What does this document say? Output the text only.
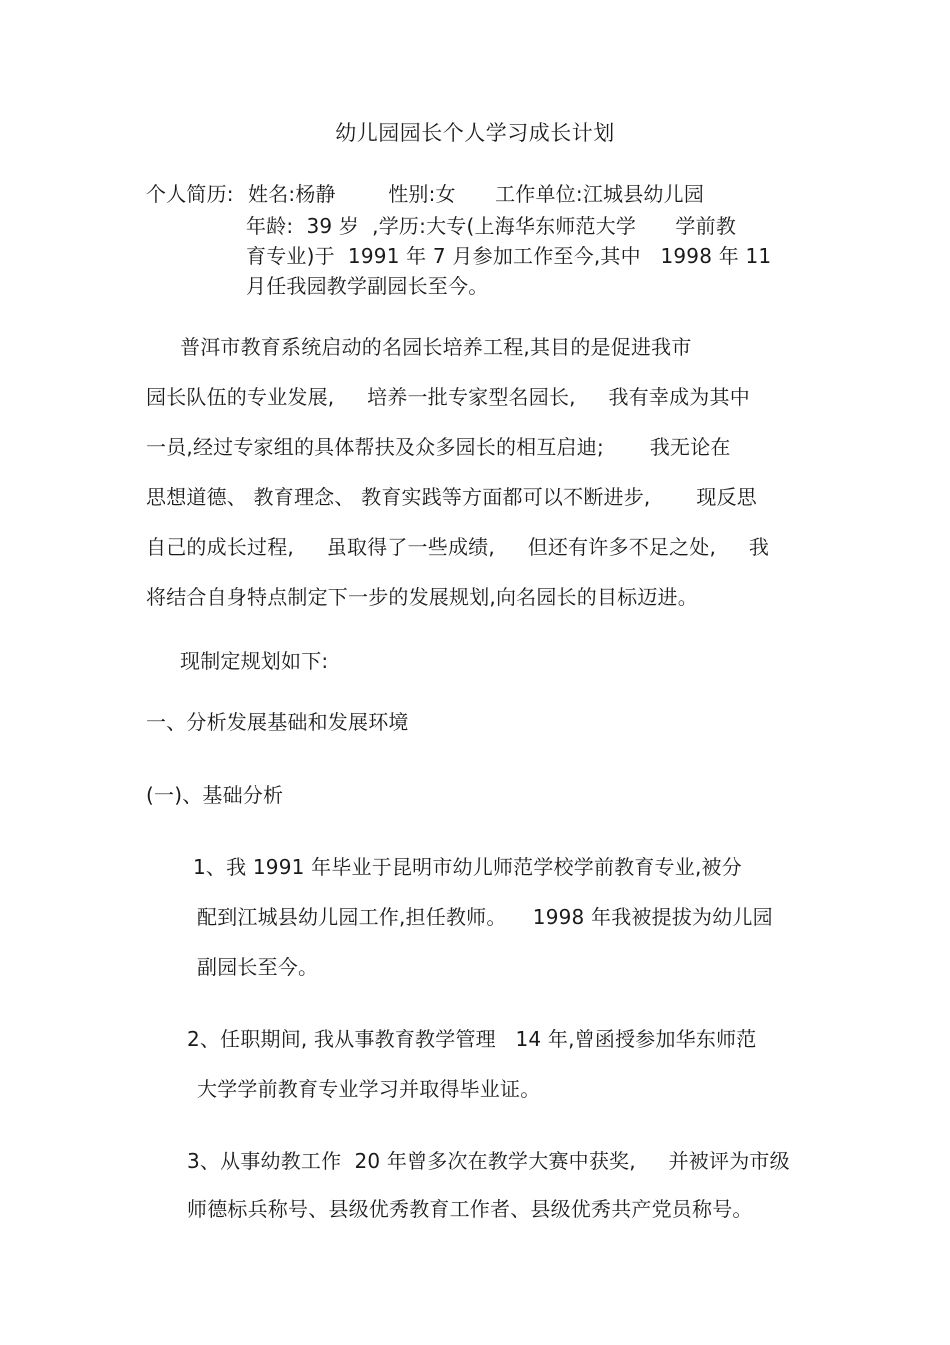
幼儿园园长个人学习成长计划
个人简历: 姓名:杨静        性别:女      工作单位:江城县幼儿园
年龄:  39 岁  ,学历:大专(上海华东师范大学      学前教
育专业)于  1991 年 7 月参加工作至今,其中   1998 年 11
月任我园教学副园长至今。
普洱市教育系统启动的名园长培养工程,其目的是促进我市
园长队伍的专业发展,     培养一批专家型名园长,     我有幸成为其中
一员,经过专家组的具体帮扶及众多园长的相互启迪;       我无论在
思想道德、 教育理念、 教育实践等方面都可以不断进步,       现反思
自己的成长过程,     虽取得了一些成绩,     但还有许多不足之处,     我
将结合自身特点制定下一步的发展规划,向名园长的目标迈进。
现制定规划如下:
一、分析发展基础和发展环境
(一)、基础分析
1、我 1991 年毕业于昆明市幼儿师范学校学前教育专业,被分
配到江城县幼儿园工作,担任教师。    1998 年我被提拔为幼儿园
副园长至今。
2、任职期间, 我从事教育教学管理   14 年,曾函授参加华东师范
大学学前教育专业学习并取得毕业证。
3、从事幼教工作  20 年曾多次在教学大赛中获奖,     并被评为市级
师德标兵称号、县级优秀教育工作者、县级优秀共产党员称号。
